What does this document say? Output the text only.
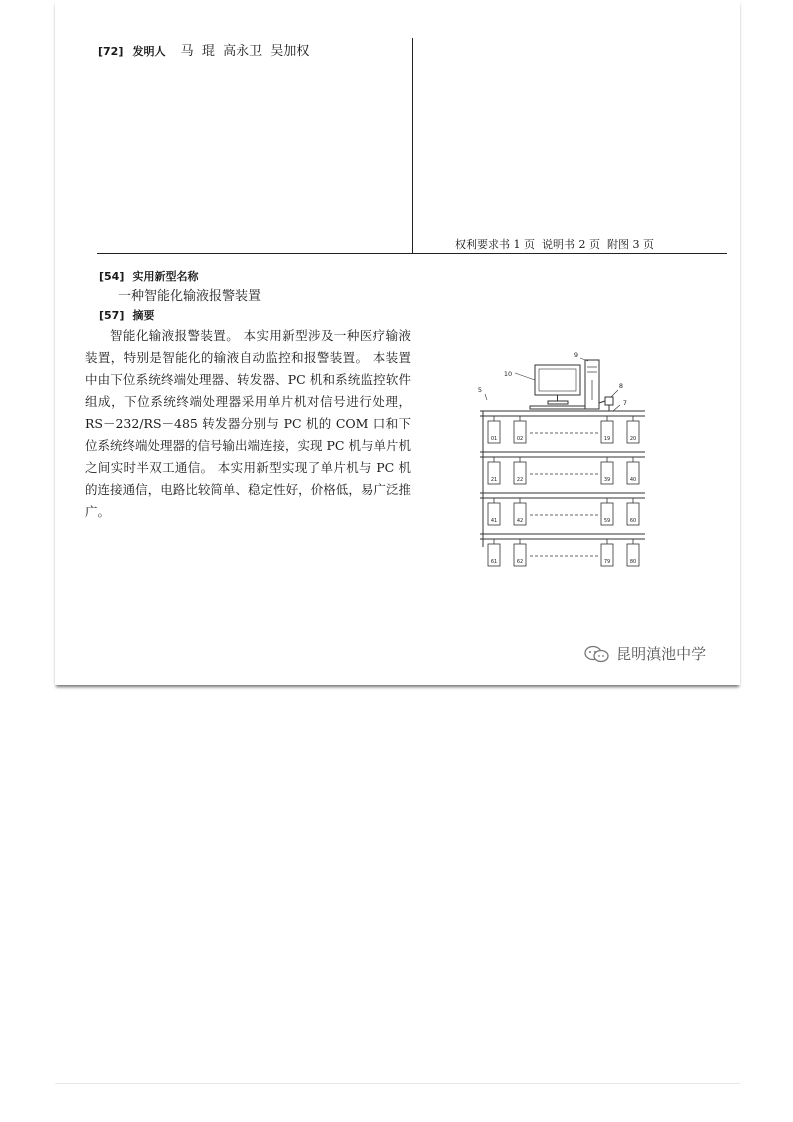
[72] 发明人 马  琨  高永卫  吴加权
权利要求书 1 页  说明书 2 页  附图 3 页
[54] 实用新型名称
一种智能化输液报警装置
[57] 摘要

智能化输液报警装置。 本实用新型涉及一种医疗输液装置，特别是智能化的输液自动监控和报警装置。 本装置中由下位系统终端处理器、转发器、PC 机和系统监控软件组成，下位系统终端处理器采用单片机对信号进行处理，RS－232/RS－485 转发器分别与 PC 机的 COM 口和下位系统终端处理器的信号输出端连接，实现 PC 机与单片机之间实时半双工通信。 本实用新型实现了单片机与 PC 机的连接通信，电路比较简单、稳定性好，价格低，易广泛推广。

01	02	19	20
21	22	39	40
41	42	59	60
61	62	79	80
10
9
8
7
5
昆明滇池中学
